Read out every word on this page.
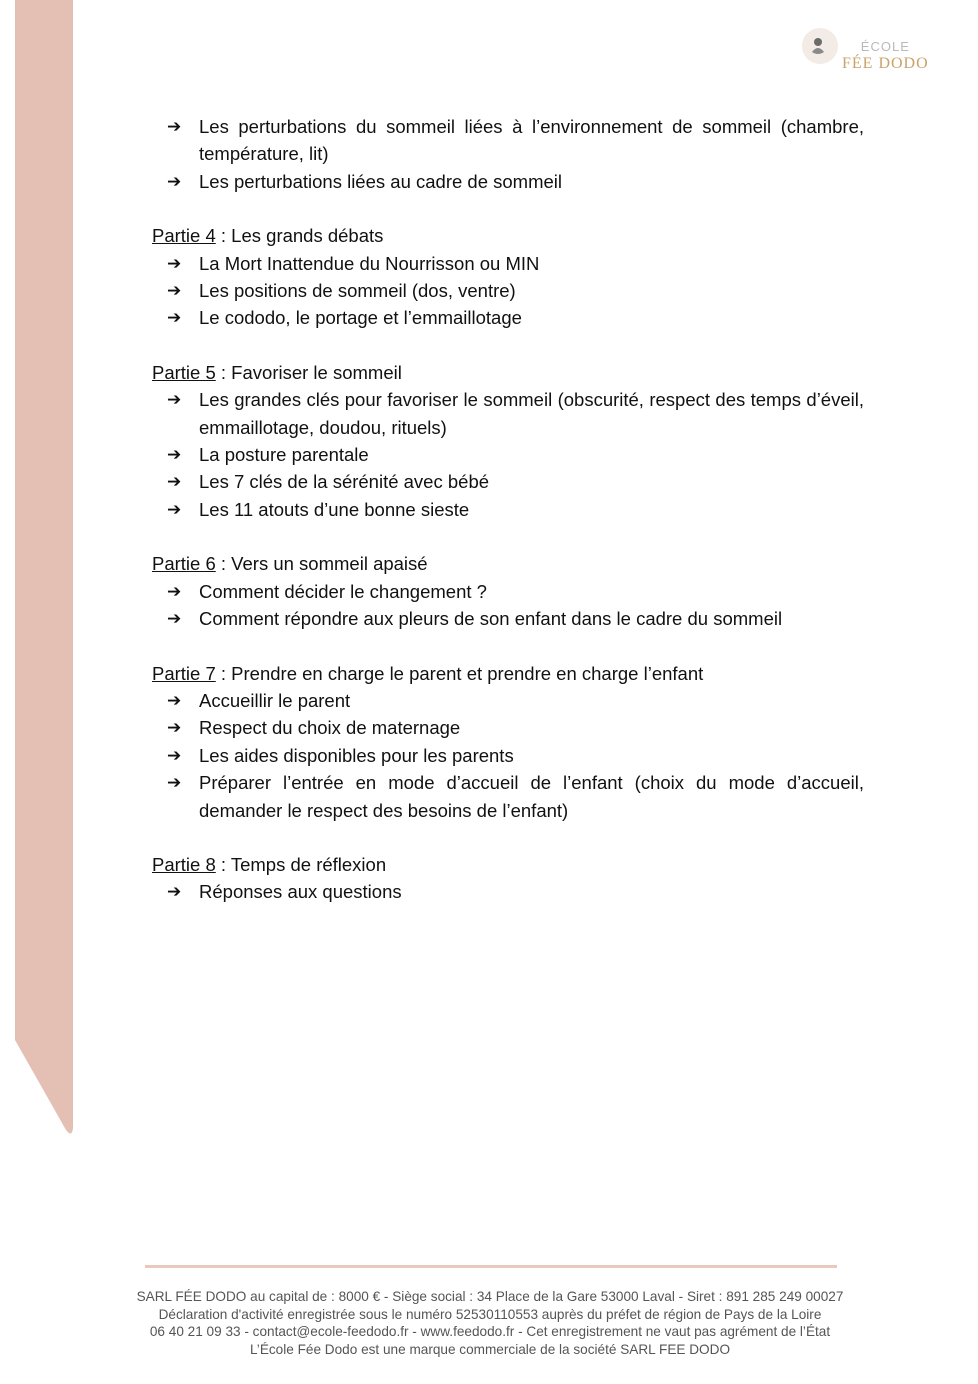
ÉCOLE
FÉE DODO
➔ Les perturbations du sommeil liées à l’environnement de sommeil (chambre, température, lit)
➔ Les perturbations liées au cadre de sommeil
Partie 4 : Les grands débats
➔ La Mort Inattendue du Nourrisson ou MIN
➔ Les positions de sommeil (dos, ventre)
➔ Le cododo, le portage et l’emmaillotage
Partie 5 : Favoriser le sommeil
➔ Les grandes clés pour favoriser le sommeil (obscurité, respect des temps d’éveil, emmaillotage, doudou, rituels)
➔ La posture parentale
➔ Les 7 clés de la sérénité avec bébé
➔ Les 11 atouts d’une bonne sieste
Partie 6 : Vers un sommeil apaisé
➔ Comment décider le changement ?
➔ Comment répondre aux pleurs de son enfant dans le cadre du sommeil
Partie 7 : Prendre en charge le parent et prendre en charge l’enfant
➔ Accueillir le parent
➔ Respect du choix de maternage
➔ Les aides disponibles pour les parents
➔ Préparer l’entrée en mode d’accueil de l’enfant (choix du mode d’accueil, demander le respect des besoins de l’enfant)
Partie 8 : Temps de réflexion
➔ Réponses aux questions
SARL FÉE DODO au capital de : 8000 € - Siège social : 34 Place de la Gare 53000 Laval - Siret : 891 285 249 00027
Déclaration d'activité enregistrée sous le numéro 52530110553 auprès du préfet de région de Pays de la Loire
06 40 21 09 33 - contact@ecole-feedodo.fr - www.feedodo.fr - Cet enregistrement ne vaut pas agrément de l’État
L’École Fée Dodo est une marque commerciale de la société SARL FEE DODO
